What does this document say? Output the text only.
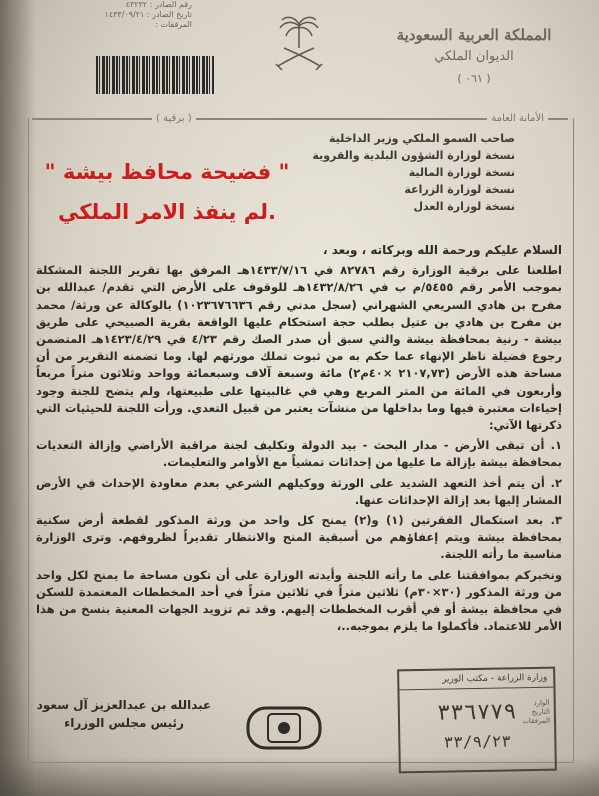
رقم الصادر : ٤٣٢٣٢
تاريخ الصادر : ١٤٣٣/٠٩/٢١
المرفقات :
المملكة العربية السعودية
الديوان الملكي
( ٠٦١ )
( برقية )	الأمانة العامة
صاحب السمو الملكي وزير الداخلية
نسخة لوزارة الشؤون البلدية والقروية
نسخة لوزارة المالية
نسخة لوزارة الزراعة
نسخة لوزارة العدل
" فضيحة محافظ بيشة "
.لم ينفذ الامر الملكي

السلام عليكم ورحمة الله وبركاته ، وبعد ،

اطلعنا على برقية الوزارة رقم ٨٢٧٨٦ في ١٤٣٣/٧/١٦هـ المرفق بها تقرير اللجنة المشكلة بموجب الأمر رقم ٥٤٥٥/م ب في ١٤٣٢/٨/٢٦هـ للوقوف على الأرض التي تقدم/ عبدالله بن مفرح بن هادي السريعي الشهراني (سجل مدني رقم ١٠٢٣٦٧٦٦٣٦) بالوكالة عن ورثة/ محمد بن مفرح بن هادي بن عتيل بطلب حجة استحكام عليها الواقعة بقرية الصبيحي على طريق بيشة - رنية بمحافظة بيشة والتي سبق أن صدر الصك رقم ٤/٢٣ في ١٤٢٣/٤/٢٩هـ المتضمن رجوع فضيلة ناظر الإنهاء عما حكم به من ثبوت تملك مورثهم لها. وما تضمنه التقرير من أن مساحة هذه الأرض (٢١٠٧,٧٣ ×٤٠م٢) مائة وسبعة آلاف وسبعمائة وواحد وثلاثون متراً مربعاً وأربعون في المائة من المتر المربع وهي في غالبيتها على طبيعتها، ولم يتضح للجنة وجود إحياءات معتبرة فيها وما بداخلها من منشآت يعتبر من قبيل التعدي. ورأت اللجنة للحيثيات التي ذكرتها الآتي:

١. أن تبقى الأرض - مدار البحث - بيد الدولة وتكليف لجنة مراقبة الأراضي وإزالة التعديات بمحافظة بيشة بإزالة ما عليها من إحداثات تمشياً مع الأوامر والتعليمات.

٢. أن يتم أخذ التعهد الشديد على الورثة ووكيلهم الشرعي بعدم معاودة الإحداث في الأرض المشار إليها بعد إزالة الإحداثات عنها.

٣. بعد استكمال الفقرتين (١) و(٢) يمنح كل واحد من ورثة المذكور لقطعة أرض سكنية بمحافظة بيشة ويتم إعفاؤهم من أسبقية المنح والانتظار تقديراً لظروفهم. وترى الوزارة مناسبة ما رأته اللجنة.

ونخبركم بموافقتنا على ما رأته اللجنة وأيدته الوزارة على أن تكون مساحة ما يمنح لكل واحد من ورثة المذكور (٣٠×٣٠م) ثلاثين متراً في ثلاثين متراً في أحد المخططات المعتمدة للسكن في محافظة بيشة أو في أقرب المخططات إليهم. وقد تم تزويد الجهات المعنية بنسخ من هذا الأمر للاعتماد. فأكملوا ما يلزم بموجبه..،

عبدالله بن عبدالعزيز آل سعود
رئيس مجلس الوزراء
وزارة الزراعة - مكتب الوزير
٣٣٦٧٧٩
٣٣/٩/٢٣
الوارد التاريخ المرفقات
